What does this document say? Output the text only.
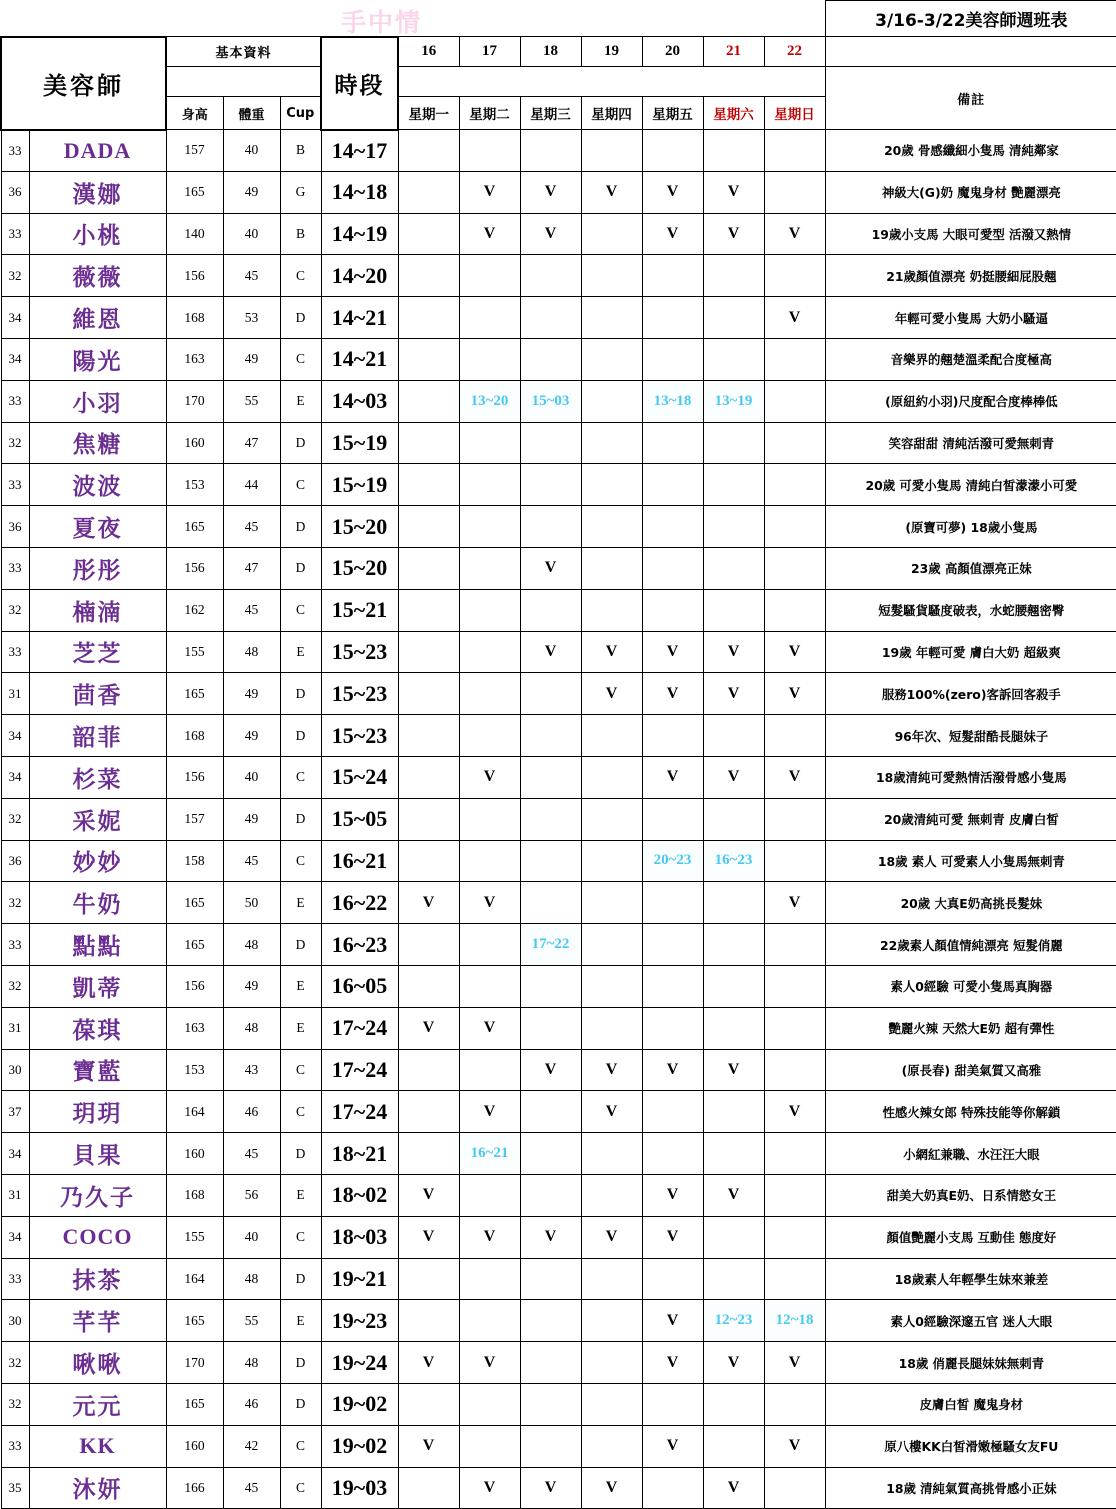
手中情													3/16-3/22美容師週班表
美容師		基本資料			時段	16	17	18	19	20	21	22	
													備註
		身高	體重	Cup		星期一	星期二	星期三	星期四	星期五	星期六	星期日	
33	DADA	157	40	B	14~17								20歲 骨感纖細小隻馬 清純鄰家
36	漢娜	165	49	G	14~18		V	V	V	V	V		神級大(G)奶 魔鬼身材 艷麗漂亮
33	小桃	140	40	B	14~19		V	V		V	V	V	19歲小支馬 大眼可愛型 活潑又熱情
32	薇薇	156	45	C	14~20								21歲顏值漂亮 奶挺腰細屁股翹
34	維恩	168	53	D	14~21							V	年輕可愛小隻馬 大奶小騷逼
34	陽光	163	49	C	14~21								音樂界的翹楚溫柔配合度極高
33	小羽	170	55	E	14~03		13~20	15~03		13~18	13~19		(原紐約小羽)尺度配合度棒棒低
32	焦糖	160	47	D	15~19								笑容甜甜 清純活潑可愛無刺青
33	波波	153	44	C	15~19								20歲 可愛小隻馬 清純白皙濛濛小可愛
36	夏夜	165	45	D	15~20								(原寶可夢) 18歲小隻馬
33	彤彤	156	47	D	15~20			V					23歲 高顏值漂亮正妹
32	楠湳	162	45	C	15~21								短髮騷貨騷度破表，水蛇腰翹密臀
33	芝芝	155	48	E	15~23			V	V	V	V	V	19歲 年輕可愛 膚白大奶 超級爽
31	茴香	165	49	D	15~23				V	V	V	V	服務100%(zero)客訴回客殺手
34	韶菲	168	49	D	15~23								96年次、短髮甜酷長腿妹子
34	杉菜	156	40	C	15~24		V			V	V	V	18歲清純可愛熱情活潑骨感小隻馬
32	采妮	157	49	D	15~05								20歲清純可愛 無刺青 皮膚白皙
36	妙妙	158	45	C	16~21					20~23	16~23		18歲 素人 可愛素人小隻馬無刺青
32	牛奶	165	50	E	16~22	V	V					V	20歲 大真E奶高挑長髮妹
33	點點	165	48	D	16~23			17~22					22歲素人顏值情純漂亮 短髮俏麗
32	凱蒂	156	49	E	16~05								素人0經驗 可愛小隻馬真胸器
31	葆琪	163	48	E	17~24	V	V						艷麗火辣 天然大E奶 超有彈性
30	寶藍	153	43	C	17~24			V	V	V	V		(原長春) 甜美氣質又高雅
37	玥玥	164	46	C	17~24		V		V			V	性感火辣女郎 特殊技能等你解鎖
34	貝果	160	45	D	18~21		16~21						小網紅兼職、水汪汪大眼
31	乃久子	168	56	E	18~02	V				V	V		甜美大奶真E奶、日系情慾女王
34	COCO	155	40	C	18~03	V	V	V	V	V			顏值艷麗小支馬 互動佳 態度好
33	抹茶	164	48	D	19~21								18歲素人年輕學生妹來兼差
30	芊芊	165	55	E	19~23					V	12~23	12~18	素人0經驗深邃五官 迷人大眼
32	啾啾	170	48	D	19~24	V	V			V	V	V	18歲 俏麗長腿妹妹無刺青
32	元元	165	46	D	19~02								皮膚白皙 魔鬼身材
33	KK	160	42	C	19~02	V				V		V	原八樓KK白皙滑嫩極騷女友FU
35	沐妍	166	45	C	19~03		V	V	V		V		18歲 清純氣質高挑骨感小正妹
